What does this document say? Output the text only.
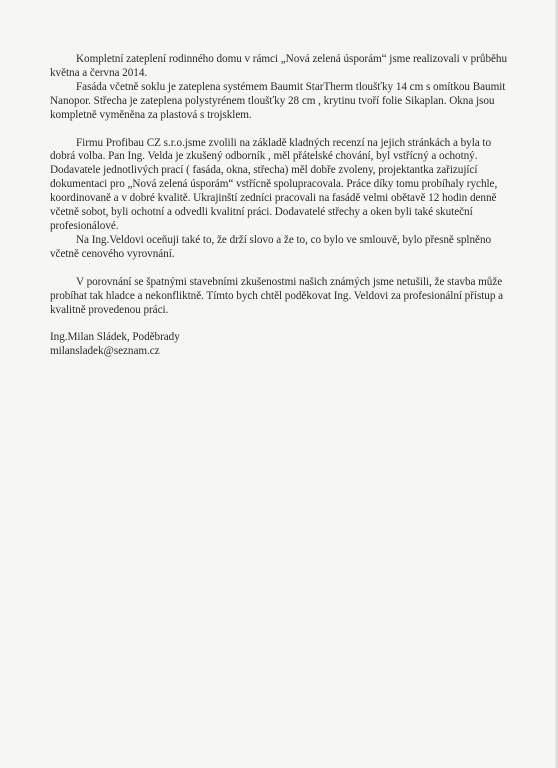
Kompletní zateplení rodinného domu v rámci „Nová zelená úsporám“ jsme realizovali v průběhu května a června 2014.

Fasáda včetně soklu je zateplena systémem Baumit StarTherm tloušťky 14 cm s omítkou Baumit Nanopor. Střecha je zateplena polystyrénem tloušťky 28 cm , krytinu tvoří folie Sikaplan. Okna jsou kompletně vyměněna za plastová s trojsklem.

Firmu Profibau CZ s.r.o.jsme zvolili na základě kladných recenzí na jejich stránkách a byla to dobrá volba. Pan Ing. Velda je zkušený odborník , měl přátelské chování, byl vstřícný a ochotný. Dodavatele jednotlivých prací ( fasáda, okna, střecha) měl dobře zvoleny, projektantka zařizující dokumentaci pro „Nová zelená úsporám“ vstřícně spolupracovala. Práce díky tomu probíhaly rychle, koordinovaně a v dobré kvalitě. Ukrajinští zedníci pracovali na fasádě velmi obětavě 12 hodin denně včetně sobot, byli ochotní a odvedli kvalitní práci. Dodavatelé střechy a oken byli také skuteční profesionálové.

Na Ing.Veldovi oceňuji také to, že drží slovo a že to, co bylo ve smlouvě, bylo přesně splněno včetně cenového vyrovnání.

V porovnání se špatnými stavebními zkušenostmi našich známých jsme netušili, že stavba může probíhat tak hladce a nekonfliktně. Tímto bych chtěl poděkovat Ing. Veldovi za profesionální přístup a kvalitně provedenou práci.

Ing.Milan Sládek, Poděbrady

milansladek@seznam.cz
